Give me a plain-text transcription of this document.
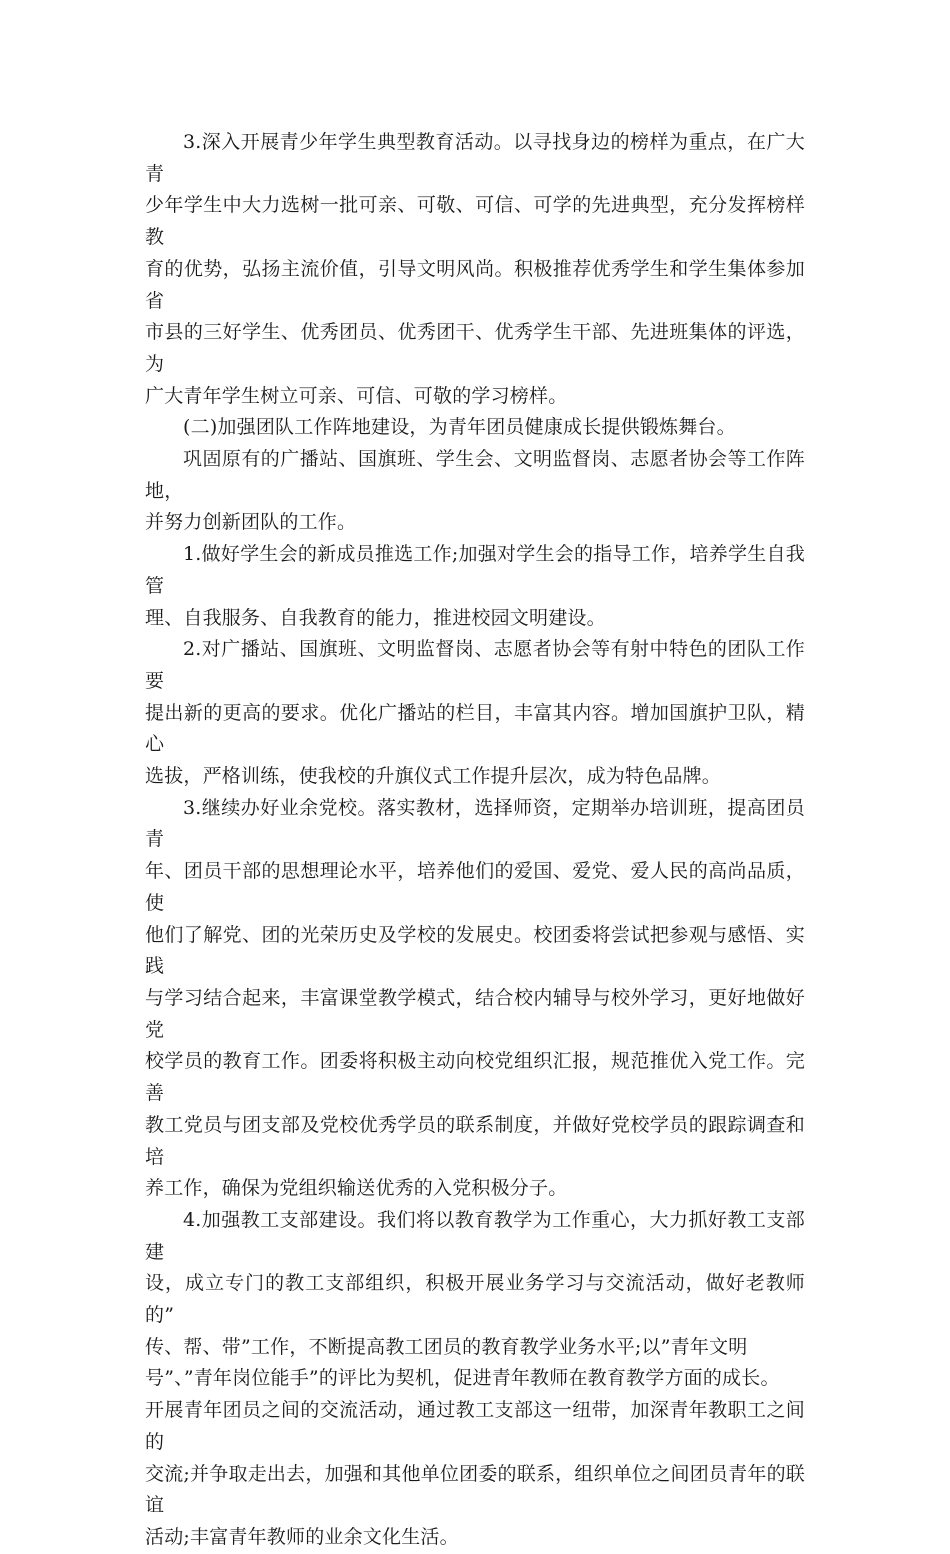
3.深入开展青少年学生典型教育活动。以寻找身边的榜样为重点，在广大青
少年学生中大力选树一批可亲、可敬、可信、可学的先进典型，充分发挥榜样教
育的优势，弘扬主流价值，引导文明风尚。积极推荐优秀学生和学生集体参加省
市县的三好学生、优秀团员、优秀团干、优秀学生干部、先进班集体的评选，为
广大青年学生树立可亲、可信、可敬的学习榜样。

(二)加强团队工作阵地建设，为青年团员健康成长提供锻炼舞台。

巩固原有的广播站、国旗班、学生会、文明监督岗、志愿者协会等工作阵地，
并努力创新团队的工作。

1.做好学生会的新成员推选工作;加强对学生会的指导工作，培养学生自我管
理、自我服务、自我教育的能力，推进校园文明建设。

2.对广播站、国旗班、文明监督岗、志愿者协会等有射中特色的团队工作要
提出新的更高的要求。优化广播站的栏目，丰富其内容。增加国旗护卫队，精心
选拔，严格训练，使我校的升旗仪式工作提升层次，成为特色品牌。

3.继续办好业余党校。落实教材，选择师资，定期举办培训班，提高团员青
年、团员干部的思想理论水平，培养他们的爱国、爱党、爱人民的高尚品质，使
他们了解党、团的光荣历史及学校的发展史。校团委将尝试把参观与感悟、实践
与学习结合起来，丰富课堂教学模式，结合校内辅导与校外学习，更好地做好党
校学员的教育工作。团委将积极主动向校党组织汇报，规范推优入党工作。完善
教工党员与团支部及党校优秀学员的联系制度，并做好党校学员的跟踪调查和培
养工作，确保为党组织输送优秀的入党积极分子。

4.加强教工支部建设。我们将以教育教学为工作重心，大力抓好教工支部建
设，成立专门的教工支部组织，积极开展业务学习与交流活动，做好老教师的”
传、帮、带”工作，不断提高教工团员的教育教学业务水平;以”青年文明
号”、”青年岗位能手”的评比为契机，促进青年教师在教育教学方面的成长。
开展青年团员之间的交流活动，通过教工支部这一纽带，加深青年教职工之间的
交流;并争取走出去，加强和其他单位团委的联系，组织单位之间团员青年的联谊
活动;丰富青年教师的业余文化生活。
